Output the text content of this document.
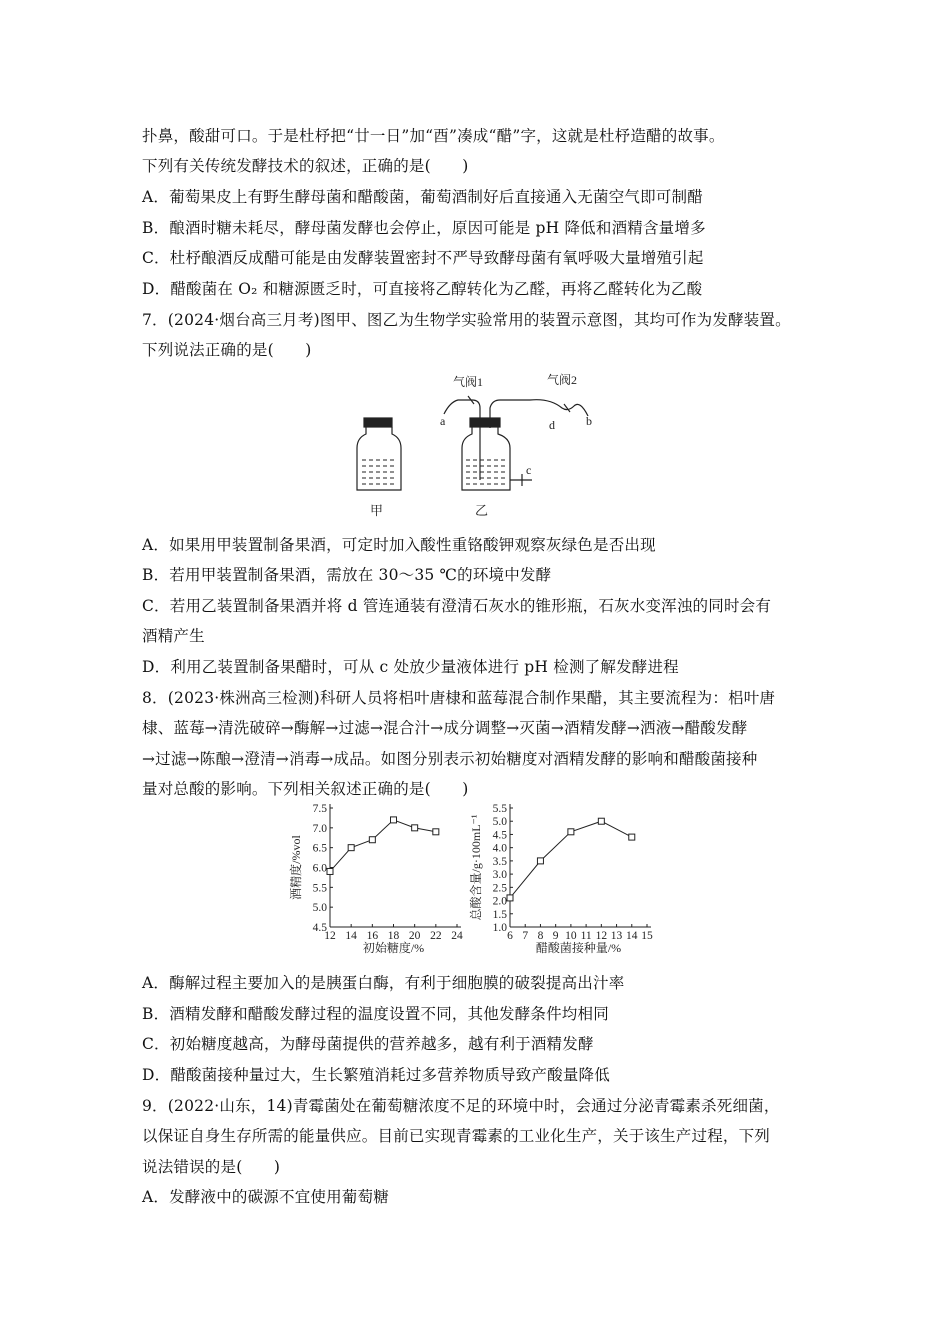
扑鼻，酸甜可口。于是杜杼把“廿一日”加“酉”凑成“醋”字，这就是杜杼造醋的故事。
下列有关传统发酵技术的叙述，正确的是(　　)
A．葡萄果皮上有野生酵母菌和醋酸菌，葡萄酒制好后直接通入无菌空气即可制醋
B．酿酒时糖未耗尽，酵母菌发酵也会停止，原因可能是 pH 降低和酒精含量增多
C．杜杼酿酒反成醋可能是由发酵装置密封不严导致酵母菌有氧呼吸大量增殖引起
D．醋酸菌在 O₂ 和糖源匮乏时，可直接将乙醇转化为乙醛，再将乙醛转化为乙酸
7．(2024·烟台高三月考)图甲、图乙为生物学实验常用的装置示意图，其均可作为发酵装置。
下列说法正确的是(　　)
气阀1	气阀2
a	b
d
c
甲	乙
A．如果用甲装置制备果酒，可定时加入酸性重铬酸钾观察灰绿色是否出现
B．若用甲装置制备果酒，需放在 30～35 ℃的环境中发酵
C．若用乙装置制备果酒并将 d 管连通装有澄清石灰水的锥形瓶，石灰水变浑浊的同时会有
酒精产生
D．利用乙装置制备果醋时，可从 c 处放少量液体进行 pH 检测了解发酵进程
8．(2023·株洲高三检测)科研人员将梠叶唐棣和蓝莓混合制作果醋，其主要流程为：梠叶唐
棣、蓝莓→清洗破碎→酶解→过滤→混合汁→成分调整→灭菌→酒精发酵→洒液→醋酸发酵
→过滤→陈酿→澄清→消毒→成品。如图分别表示初始糖度对酒精发酵的影响和醋酸菌接种
量对总酸的影响。下列相关叙述正确的是(　　)
4.5
5.0
5.5
6.0
6.5
7.0
7.5
12 14 16 18 20 22 24
初始糖度/%
酒精度/%vol
1.0
1.5
2.0
2.5
3.0
3.5
4.0
4.5
5.0
5.5
6 7 8 9 10 11 12 13 14 15
醋酸菌接种量/%
总酸含量/g·100mL⁻¹
A．酶解过程主要加入的是胰蛋白酶，有利于细胞膜的破裂提高出汁率
B．酒精发酵和醋酸发酵过程的温度设置不同，其他发酵条件均相同
C．初始糖度越高，为酵母菌提供的营养越多，越有利于酒精发酵
D．醋酸菌接种量过大，生长繁殖消耗过多营养物质导致产酸量降低
9．(2022·山东，14)青霉菌处在葡萄糖浓度不足的环境中时，会通过分泌青霉素杀死细菌，
以保证自身生存所需的能量供应。目前已实现青霉素的工业化生产，关于该生产过程，下列
说法错误的是(　　)
A．发酵液中的碳源不宜使用葡萄糖
